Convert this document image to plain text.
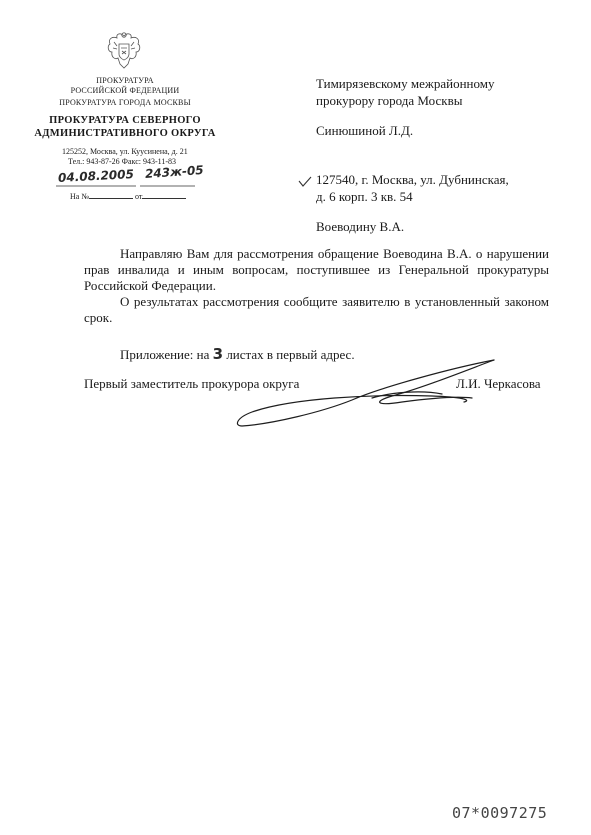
ПРОКУРАТУРА
РОССИЙСКОЙ ФЕДЕРАЦИИ
ПРОКУРАТУРА ГОРОДА МОСКВЫ
ПРОКУРАТУРА СЕВЕРНОГО
АДМИНИСТРАТИВНОГО ОКРУГА
125252, Москва, ул. Куусинена, д. 21
Тел.: 943-87-26 Факс: 943-11-83
04.08.2005 243ж-05
На №	от
Тимирязевскому межрайонному
прокурору города Москвы
Синюшиной Л.Д.
127540, г. Москва, ул. Дубнинская,
д. 6 корп. 3 кв. 54
Воеводину В.А.

Направляю Вам для рассмотрения обращение Воеводина В.А. о нарушении прав инвалида и иным вопросам, поступившее из Генеральной прокуратуры Российской Федерации.

О результатах рассмотрения сообщите заявителю в установленный законом срок.

Приложение: на 3 листах в первый адрес.
Первый заместитель прокурора округа	Л.И. Черкасова
07*0097275
